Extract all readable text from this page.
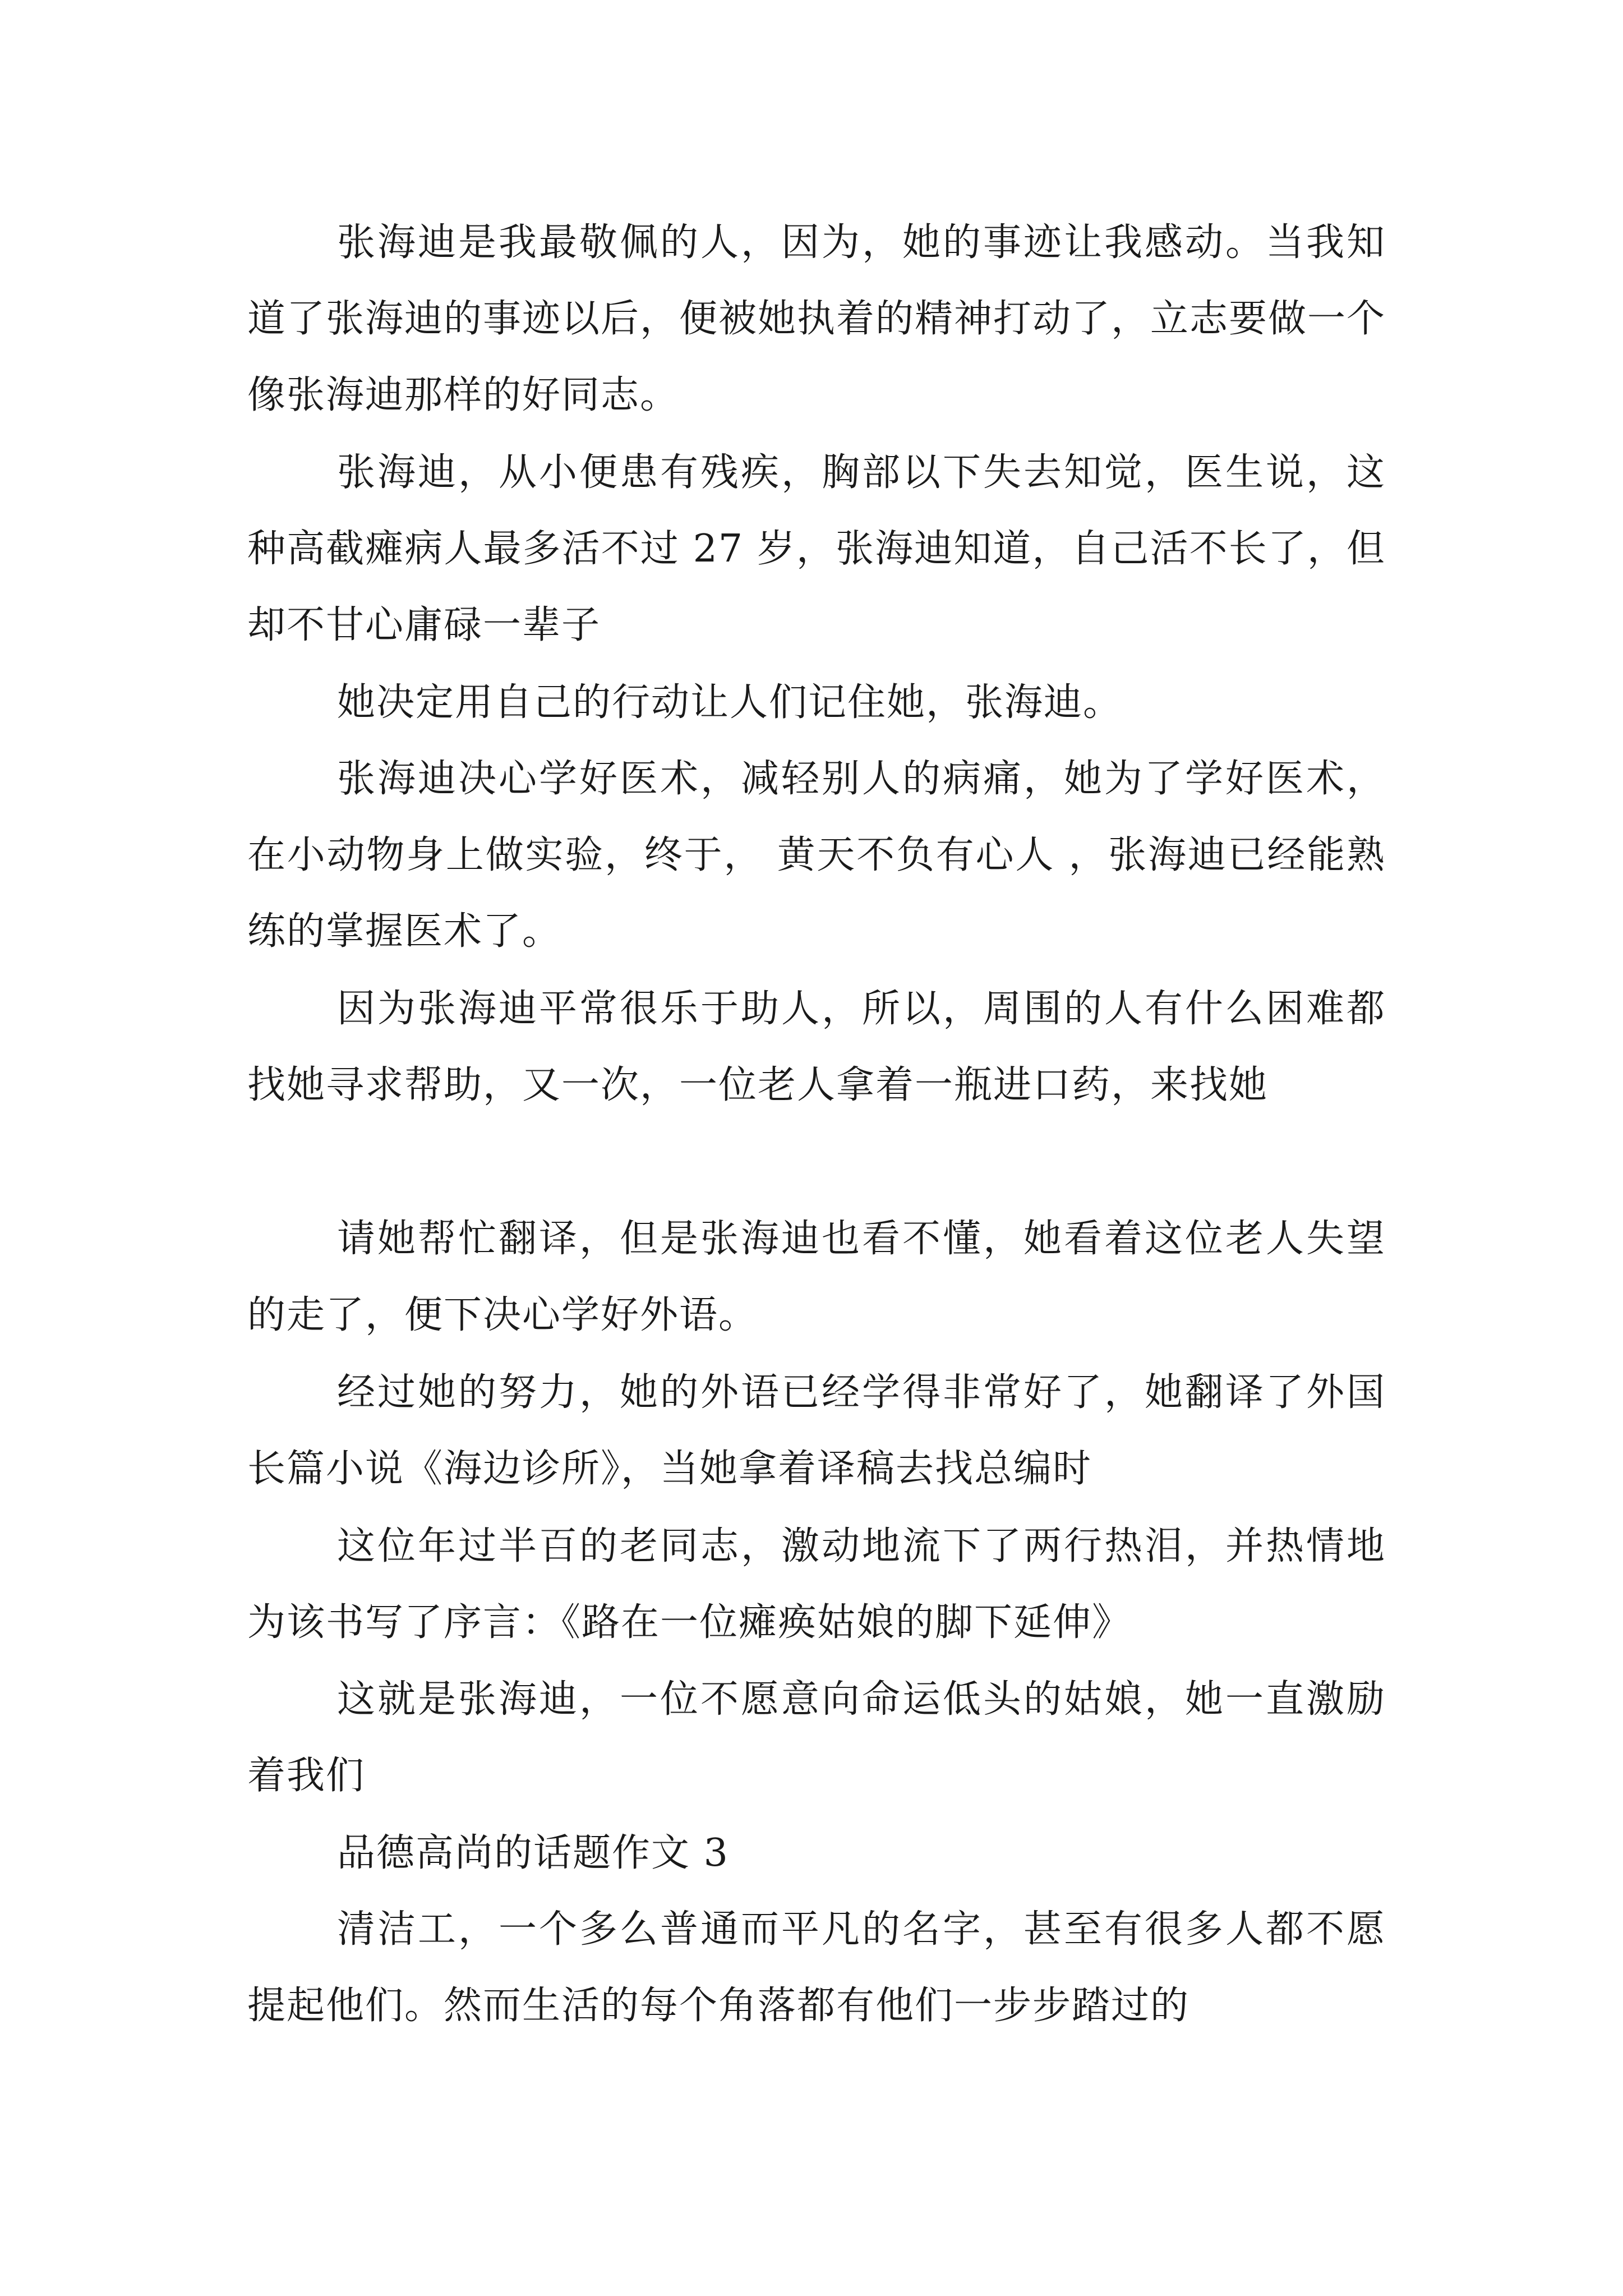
张海迪是我最敬佩的人，因为，她的事迹让我感动。当我知道了张海迪的事迹以后，便被她执着的精神打动了，立志要做一个像张海迪那样的好同志。

张海迪，从小便患有残疾，胸部以下失去知觉，医生说，这种高截瘫病人最多活不过 27 岁，张海迪知道，自己活不长了，但却不甘心庸碌一辈子

她决定用自己的行动让人们记住她，张海迪。

张海迪决心学好医术，减轻别人的病痛，她为了学好医术，在小动物身上做实验，终于， 黄天不负有心人 ，张海迪已经能熟练的掌握医术了。

因为张海迪平常很乐于助人，所以，周围的人有什么困难都找她寻求帮助，又一次，一位老人拿着一瓶进口药，来找她

请她帮忙翻译，但是张海迪也看不懂，她看着这位老人失望的走了，便下决心学好外语。

经过她的努力，她的外语已经学得非常好了，她翻译了外国长篇小说《海边诊所》，当她拿着译稿去找总编时

这位年过半百的老同志，激动地流下了两行热泪，并热情地为该书写了序言：《路在一位瘫痪姑娘的脚下延伸》

这就是张海迪，一位不愿意向命运低头的姑娘，她一直激励着我们

品德高尚的话题作文 3

清洁工，一个多么普通而平凡的名字，甚至有很多人都不愿提起他们。然而生活的每个角落都有他们一步步踏过的
